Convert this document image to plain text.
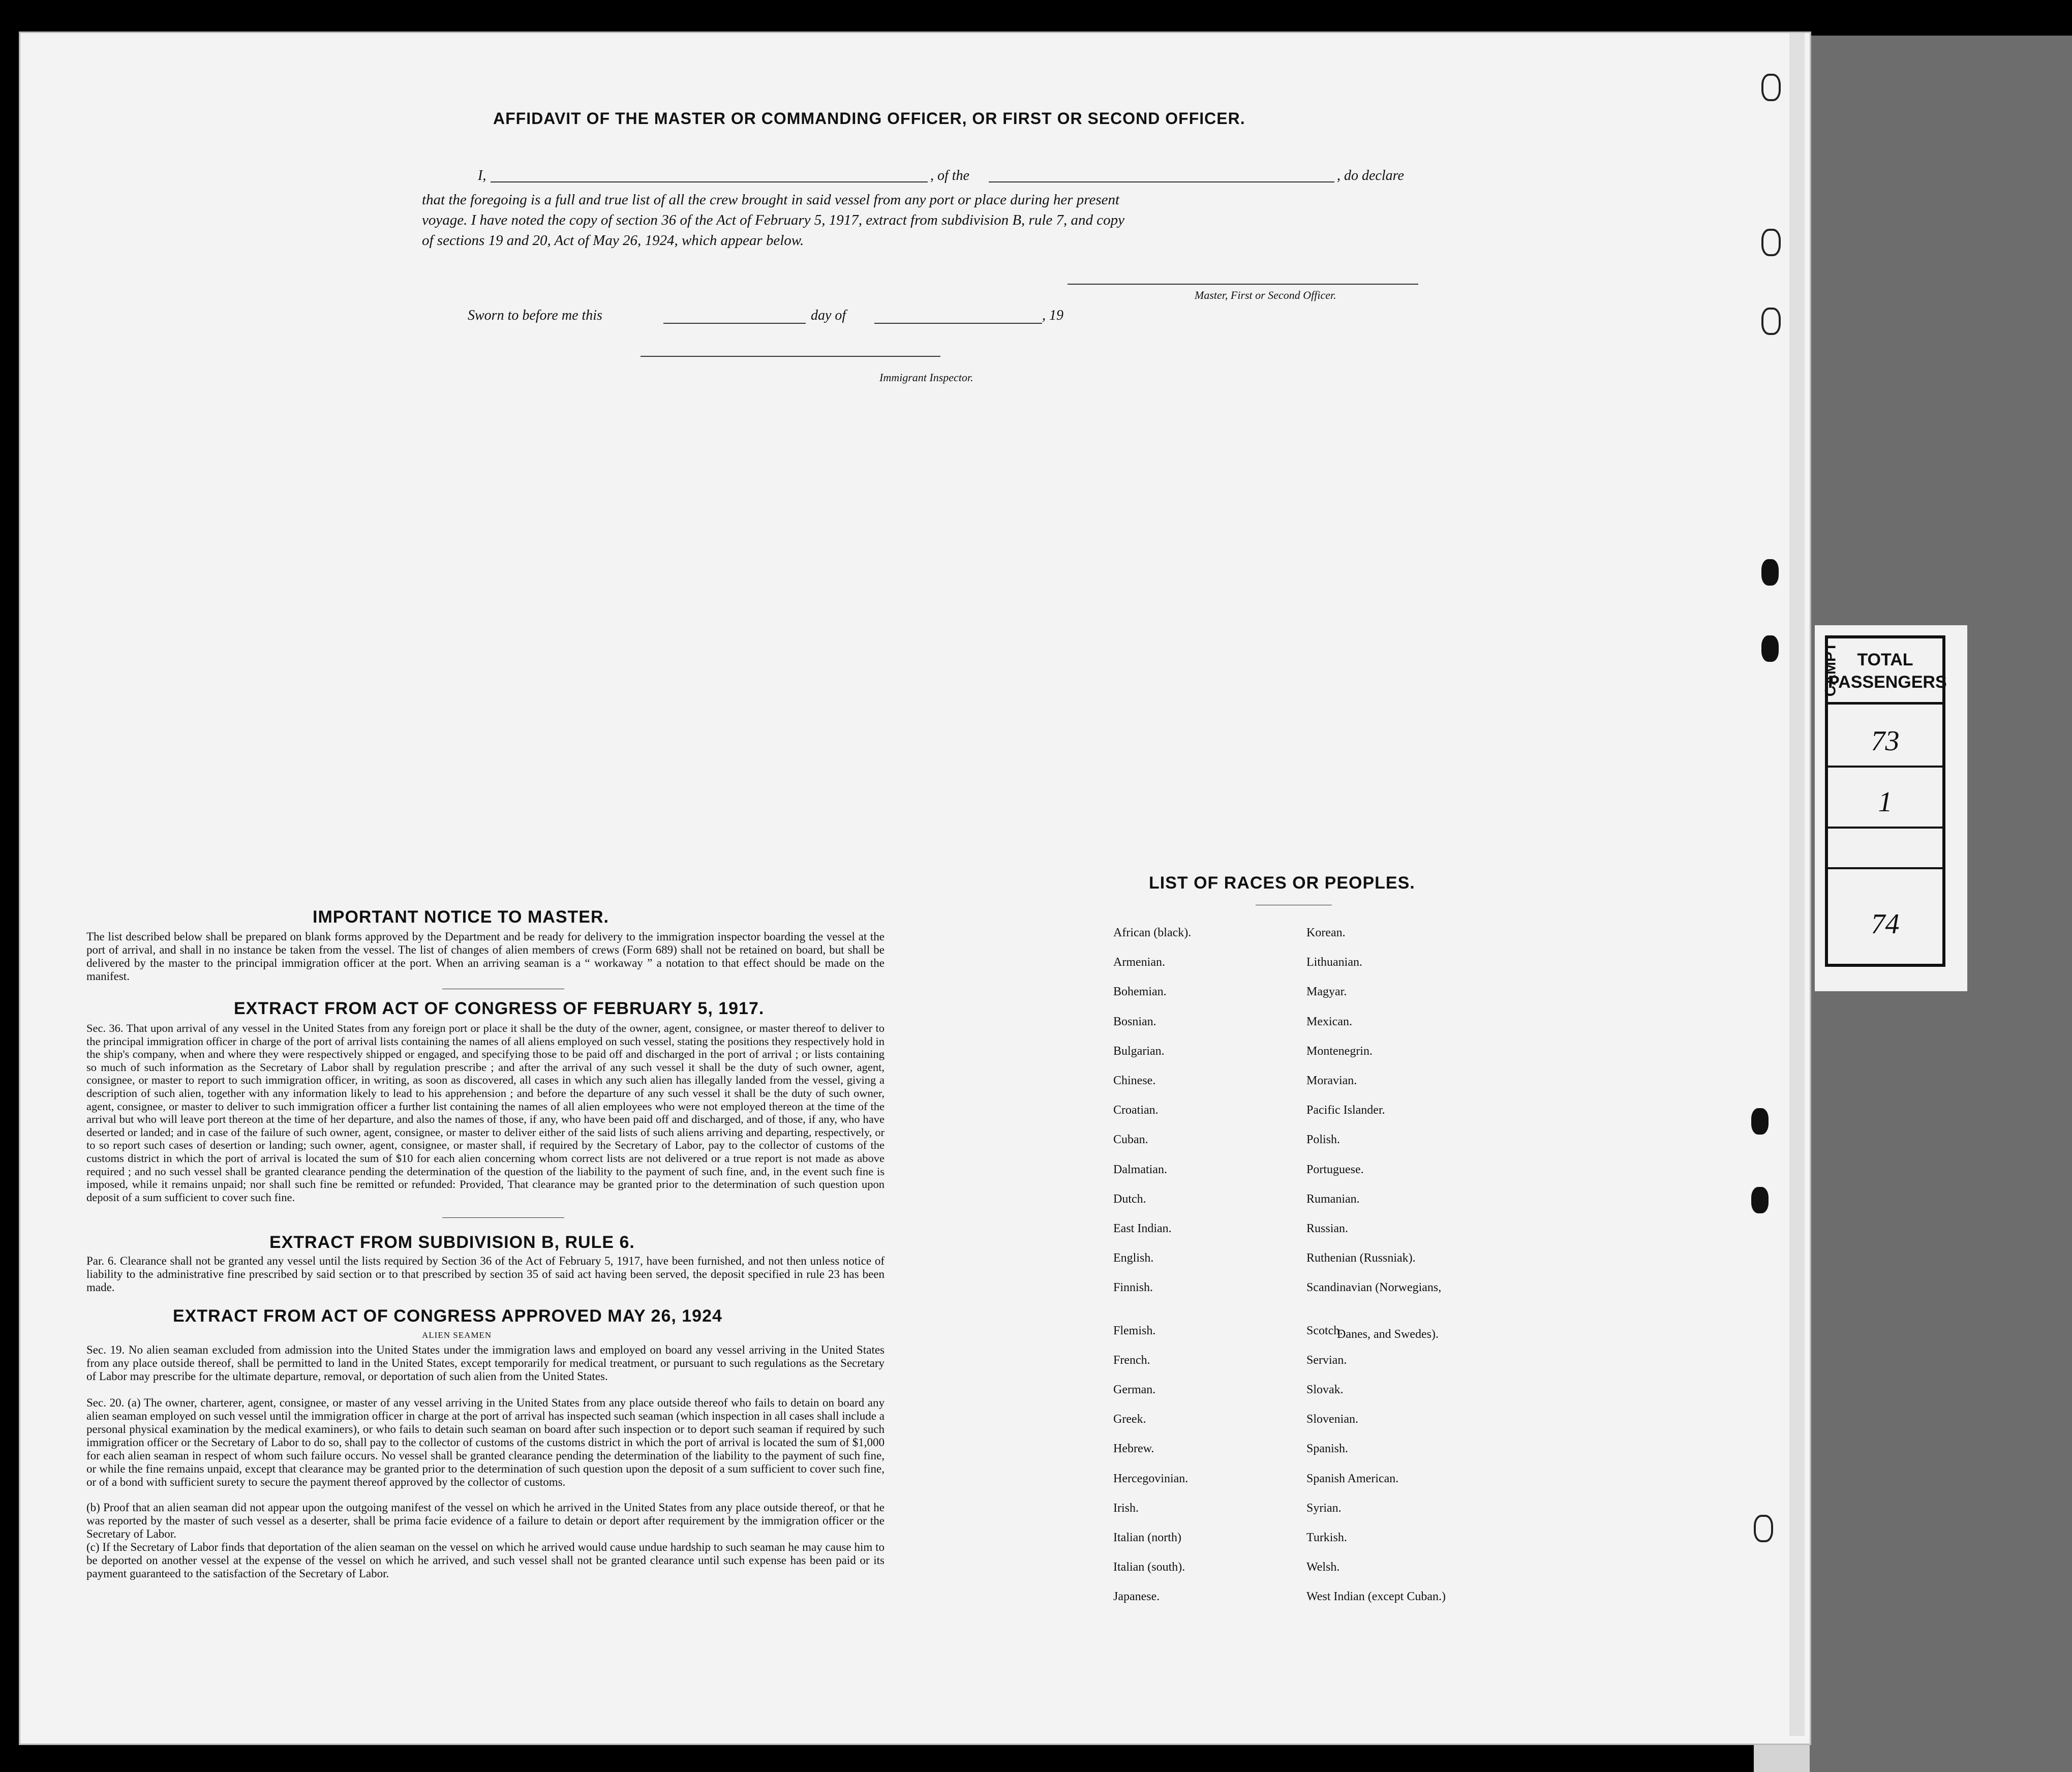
CAMPT	TOTAL
PASSENGERS
73
1
74
AFFIDAVIT OF THE MASTER OR COMMANDING OFFICER, OR FIRST OR SECOND OFFICER.
I,	, of the	, do declare
that the foregoing is a full and true list of all the crew brought in said vessel from any port or place during her present
voyage. I have noted the copy of section 36 of the Act of February 5, 1917, extract from subdivision B, rule 7, and copy
of sections 19 and 20, Act of May 26, 1924, which appear below.
Master, First or Second Officer.
Sworn to before me this	day of	, 19
Immigrant Inspector.
IMPORTANT NOTICE TO MASTER.
The list described below shall be prepared on blank forms approved by the Department and be ready for delivery to the immigration inspector boarding the vessel at the port of arrival, and shall in no instance be taken from the vessel. The list of changes of alien members of crews (Form 689) shall not be retained on board, but shall be delivered by the master to the principal immigration officer at the port. When an arriving seaman is a “ workaway ” a notation to that effect should be made on the manifest.
EXTRACT FROM ACT OF CONGRESS OF FEBRUARY 5, 1917.
Sec. 36. That upon arrival of any vessel in the United States from any foreign port or place it shall be the duty of the owner, agent, consignee, or master thereof to deliver to the principal immigration officer in charge of the port of arrival lists containing the names of all aliens employed on such vessel, stating the positions they respectively hold in the ship's company, when and where they were respectively shipped or engaged, and specifying those to be paid off and discharged in the port of arrival ; or lists containing so much of such information as the Secretary of Labor shall by regulation prescribe ; and after the arrival of any such vessel it shall be the duty of such owner, agent, consignee, or master to report to such immigration officer, in writing, as soon as discovered, all cases in which any such alien has illegally landed from the vessel, giving a description of such alien, together with any information likely to lead to his apprehension ; and before the departure of any such vessel it shall be the duty of such owner, agent, consignee, or master to deliver to such immigration officer a further list containing the names of all alien employees who were not employed thereon at the time of the arrival but who will leave port thereon at the time of her departure, and also the names of those, if any, who have been paid off and discharged, and of those, if any, who have deserted or landed; and in case of the failure of such owner, agent, consignee, or master to deliver either of the said lists of such aliens arriving and departing, respectively, or to so report such cases of desertion or landing; such owner, agent, consignee, or master shall, if required by the Secretary of Labor, pay to the collector of customs of the customs district in which the port of arrival is located the sum of $10 for each alien concerning whom correct lists are not delivered or a true report is not made as above required ; and no such vessel shall be granted clearance pending the determination of the question of the liability to the payment of such fine, and, in the event such fine is imposed, while it remains unpaid; nor shall such fine be remitted or refunded: Provided, That clearance may be granted prior to the determination of such question upon deposit of a sum sufficient to cover such fine.
EXTRACT FROM SUBDIVISION B, RULE 6.
Par. 6. Clearance shall not be granted any vessel until the lists required by Section 36 of the Act of February 5, 1917, have been furnished, and not then unless notice of liability to the administrative fine prescribed by said section or to that prescribed by section 35 of said act having been served, the deposit specified in rule 23 has been made.
EXTRACT FROM ACT OF CONGRESS APPROVED MAY 26, 1924
ALIEN SEAMEN
Sec. 19. No alien seaman excluded from admission into the United States under the immigration laws and employed on board any vessel arriving in the United States from any place outside thereof, shall be permitted to land in the United States, except temporarily for medical treatment, or pursuant to such regulations as the Secretary of Labor may prescribe for the ultimate departure, removal, or deportation of such alien from the United States.
Sec. 20. (a) The owner, charterer, agent, consignee, or master of any vessel arriving in the United States from any place outside thereof who fails to detain on board any alien seaman employed on such vessel until the immigration officer in charge at the port of arrival has inspected such seaman (which inspection in all cases shall include a personal physical examination by the medical examiners), or who fails to detain such seaman on board after such inspection or to deport such seaman if required by such immigration officer or the Secretary of Labor to do so, shall pay to the collector of customs of the customs district in which the port of arrival is located the sum of $1,000 for each alien seaman in respect of whom such failure occurs. No vessel shall be granted clearance pending the determination of the liability to the payment of such fine, or while the fine remains unpaid, except that clearance may be granted prior to the determination of such question upon the deposit of a sum sufficient to cover such fine, or of a bond with sufficient surety to secure the payment thereof approved by the collector of customs.
(b) Proof that an alien seaman did not appear upon the outgoing manifest of the vessel on which he arrived in the United States from any place outside thereof, or that he was reported by the master of such vessel as a deserter, shall be prima facie evidence of a failure to detain or deport after requirement by the immigration officer or the Secretary of Labor.
(c) If the Secretary of Labor finds that deportation of the alien seaman on the vessel on which he arrived would cause undue hardship to such seaman he may cause him to be deported on another vessel at the expense of the vessel on which he arrived, and such vessel shall not be granted clearance until such expense has been paid or its payment guaranteed to the satisfaction of the Secretary of Labor.
LIST OF RACES OR PEOPLES.
Danes, and Swedes).
African (black).
Armenian.
Bohemian.
Bosnian.
Bulgarian.
Chinese.
Croatian.
Cuban.
Dalmatian.
Dutch.
East Indian.
English.
Finnish.
Flemish.
French.
German.
Greek.
Hebrew.
Hercegovinian.
Irish.
Italian (north)
Italian (south).
Japanese.
Korean.
Lithuanian.
Magyar.
Mexican.
Montenegrin.
Moravian.
Pacific Islander.
Polish.
Portuguese.
Rumanian.
Russian.
Ruthenian (Russniak).
Scandinavian (Norwegians,
Scotch.
Servian.
Slovak.
Slovenian.
Spanish.
Spanish American.
Syrian.
Turkish.
Welsh.
West Indian (except Cuban.)
